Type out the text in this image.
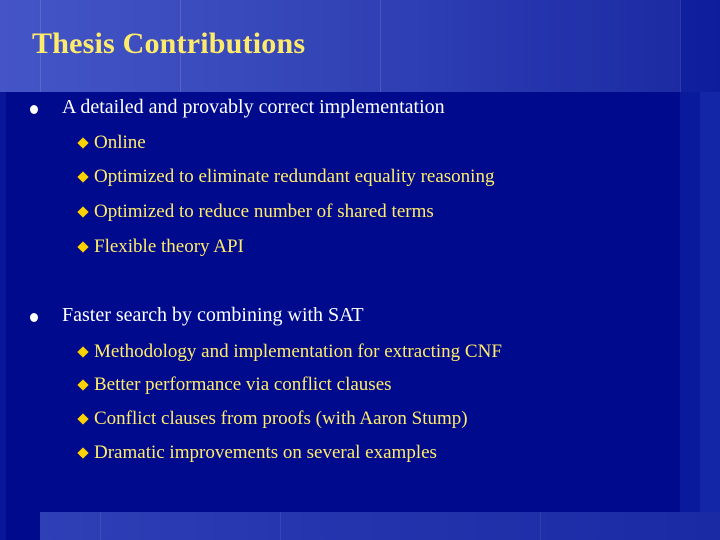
Thesis Contributions
A detailed and provably correct implementation
Online
Optimized to eliminate redundant equality reasoning
Optimized to reduce number of shared terms
Flexible theory API
Faster search by combining with SAT
Methodology and implementation for extracting CNF
Better performance via conflict clauses
Conflict clauses from proofs (with Aaron Stump)
Dramatic improvements on several examples
